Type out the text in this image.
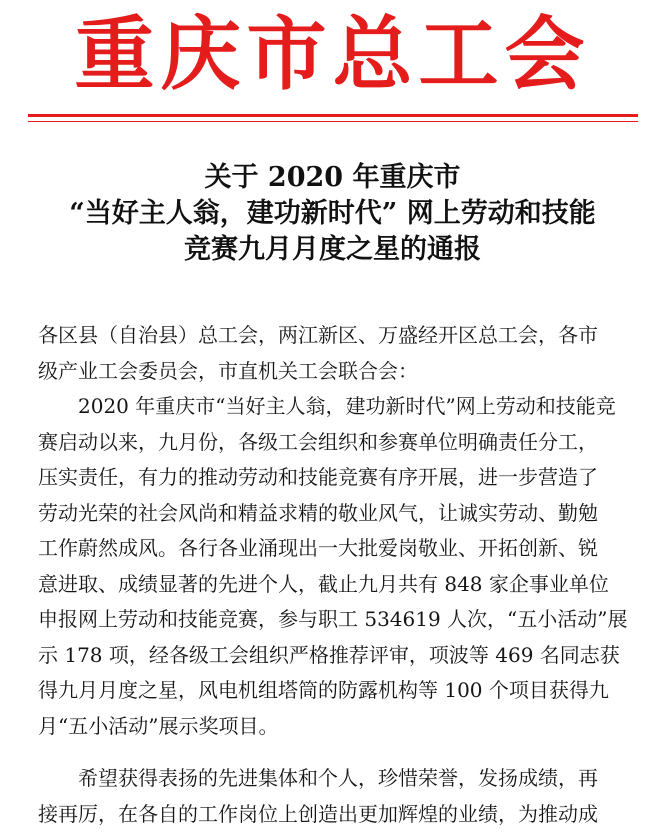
重庆市总工会
关于 2020 年重庆市
“当好主人翁，建功新时代” 网上劳动和技能
竞赛九月月度之星的通报
各区县（自治县）总工会，两江新区、万盛经开区总工会，各市
级产业工会委员会，市直机关工会联合会：
2020 年重庆市“当好主人翁，建功新时代”网上劳动和技能竞
赛启动以来，九月份，各级工会组织和参赛单位明确责任分工，
压实责任，有力的推动劳动和技能竞赛有序开展，进一步营造了
劳动光荣的社会风尚和精益求精的敬业风气，让诚实劳动、勤勉
工作蔚然成风。各行各业涌现出一大批爱岗敬业、开拓创新、锐
意进取、成绩显著的先进个人，截止九月共有 848 家企事业单位
申报网上劳动和技能竞赛，参与职工 534619 人次，“五小活动”展
示 178 项，经各级工会组织严格推荐评审，项波等 469 名同志获
得九月月度之星，风电机组塔筒的防露机构等 100 个项目获得九
月“五小活动”展示奖项目。
希望获得表扬的先进集体和个人，珍惜荣誉，发扬成绩，再
接再厉，在各自的工作岗位上创造出更加辉煌的业绩，为推动成
